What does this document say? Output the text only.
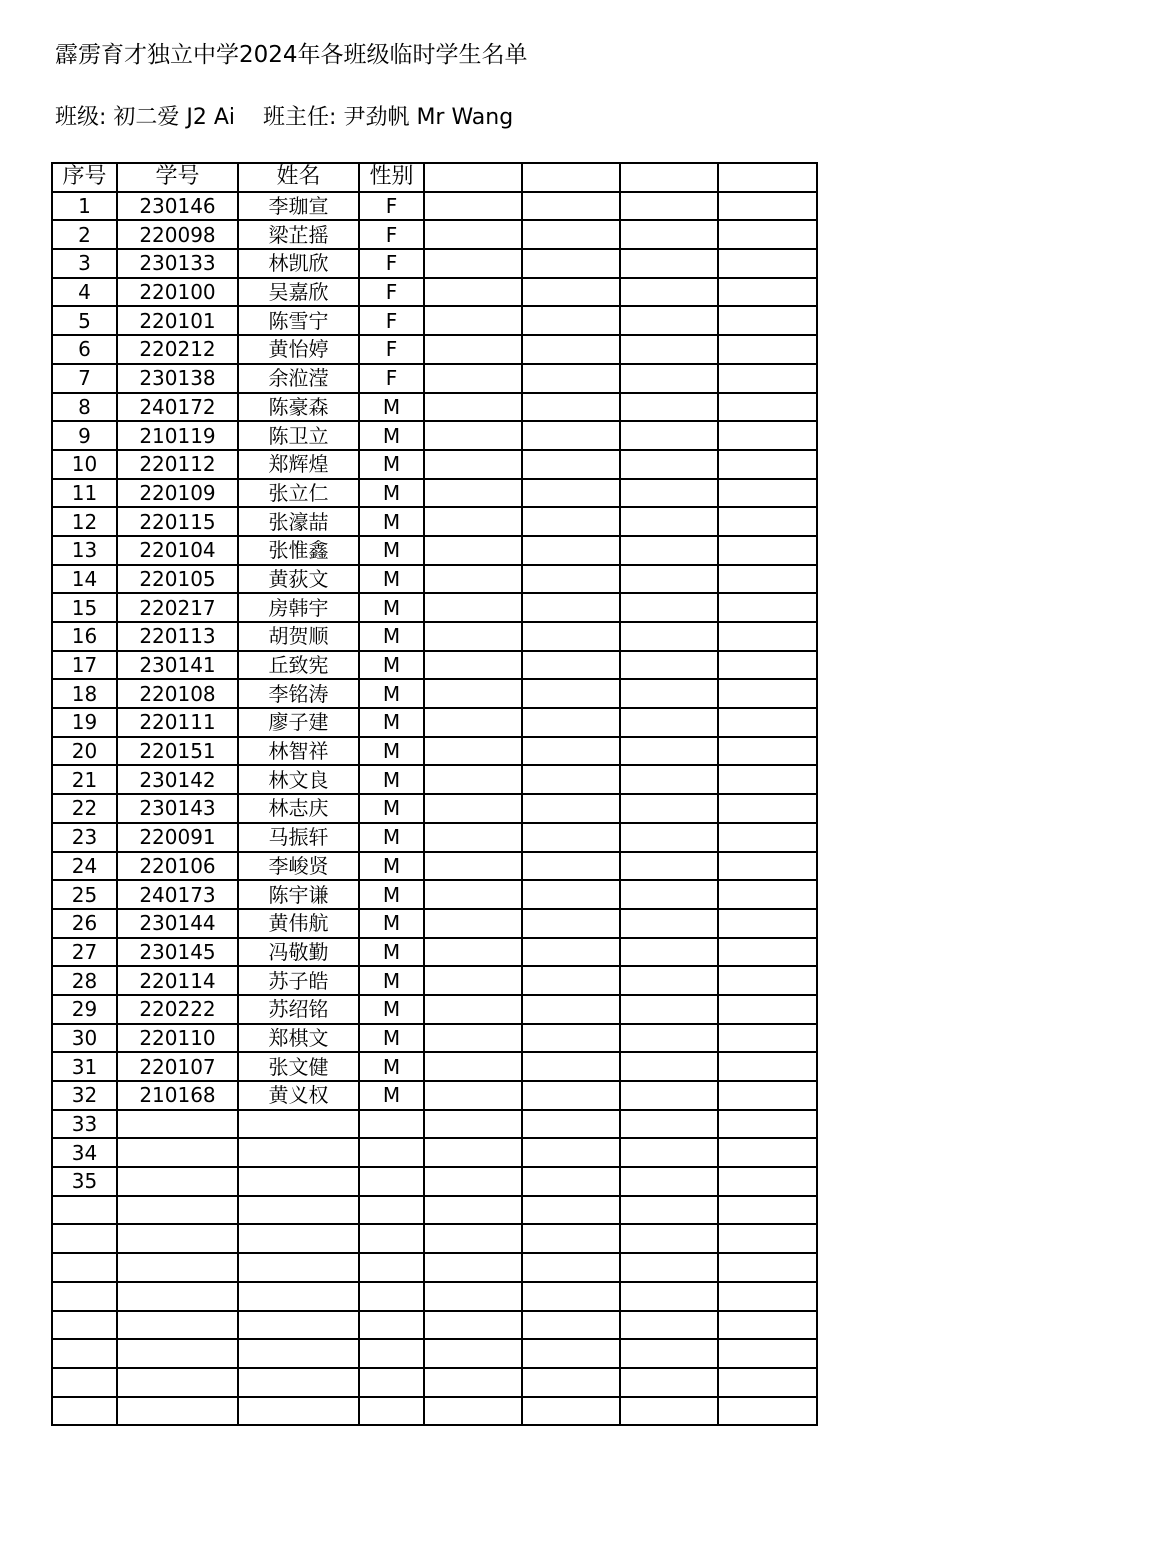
霹雳育才独立中学2024年各班级临时学生名单
班级: 初二爱 J2 Ai 班主任: 尹劲帆 Mr Wang
序号	学号	姓名	性别				
1	230146	李珈宣	F				
2	220098	梁芷摇	F				
3	230133	林凯欣	F				
4	220100	吴嘉欣	F				
5	220101	陈雪宁	F				
6	220212	黄怡婷	F				
7	230138	余涖滢	F				
8	240172	陈豪森	M				
9	210119	陈卫立	M				
10	220112	郑辉煌	M				
11	220109	张立仁	M				
12	220115	张濠喆	M				
13	220104	张惟鑫	M				
14	220105	黄荻文	M				
15	220217	房韩宇	M				
16	220113	胡贺顺	M				
17	230141	丘致宪	M				
18	220108	李铭涛	M				
19	220111	廖子建	M				
20	220151	林智祥	M				
21	230142	林文良	M				
22	230143	林志庆	M				
23	220091	马振轩	M				
24	220106	李峻贤	M				
25	240173	陈宇谦	M				
26	230144	黄伟航	M				
27	230145	冯敬勤	M				
28	220114	苏子皓	M				
29	220222	苏绍铭	M				
30	220110	郑棋文	M				
31	220107	张文健	M				
32	210168	黄义权	M				
33							
34							
35							
